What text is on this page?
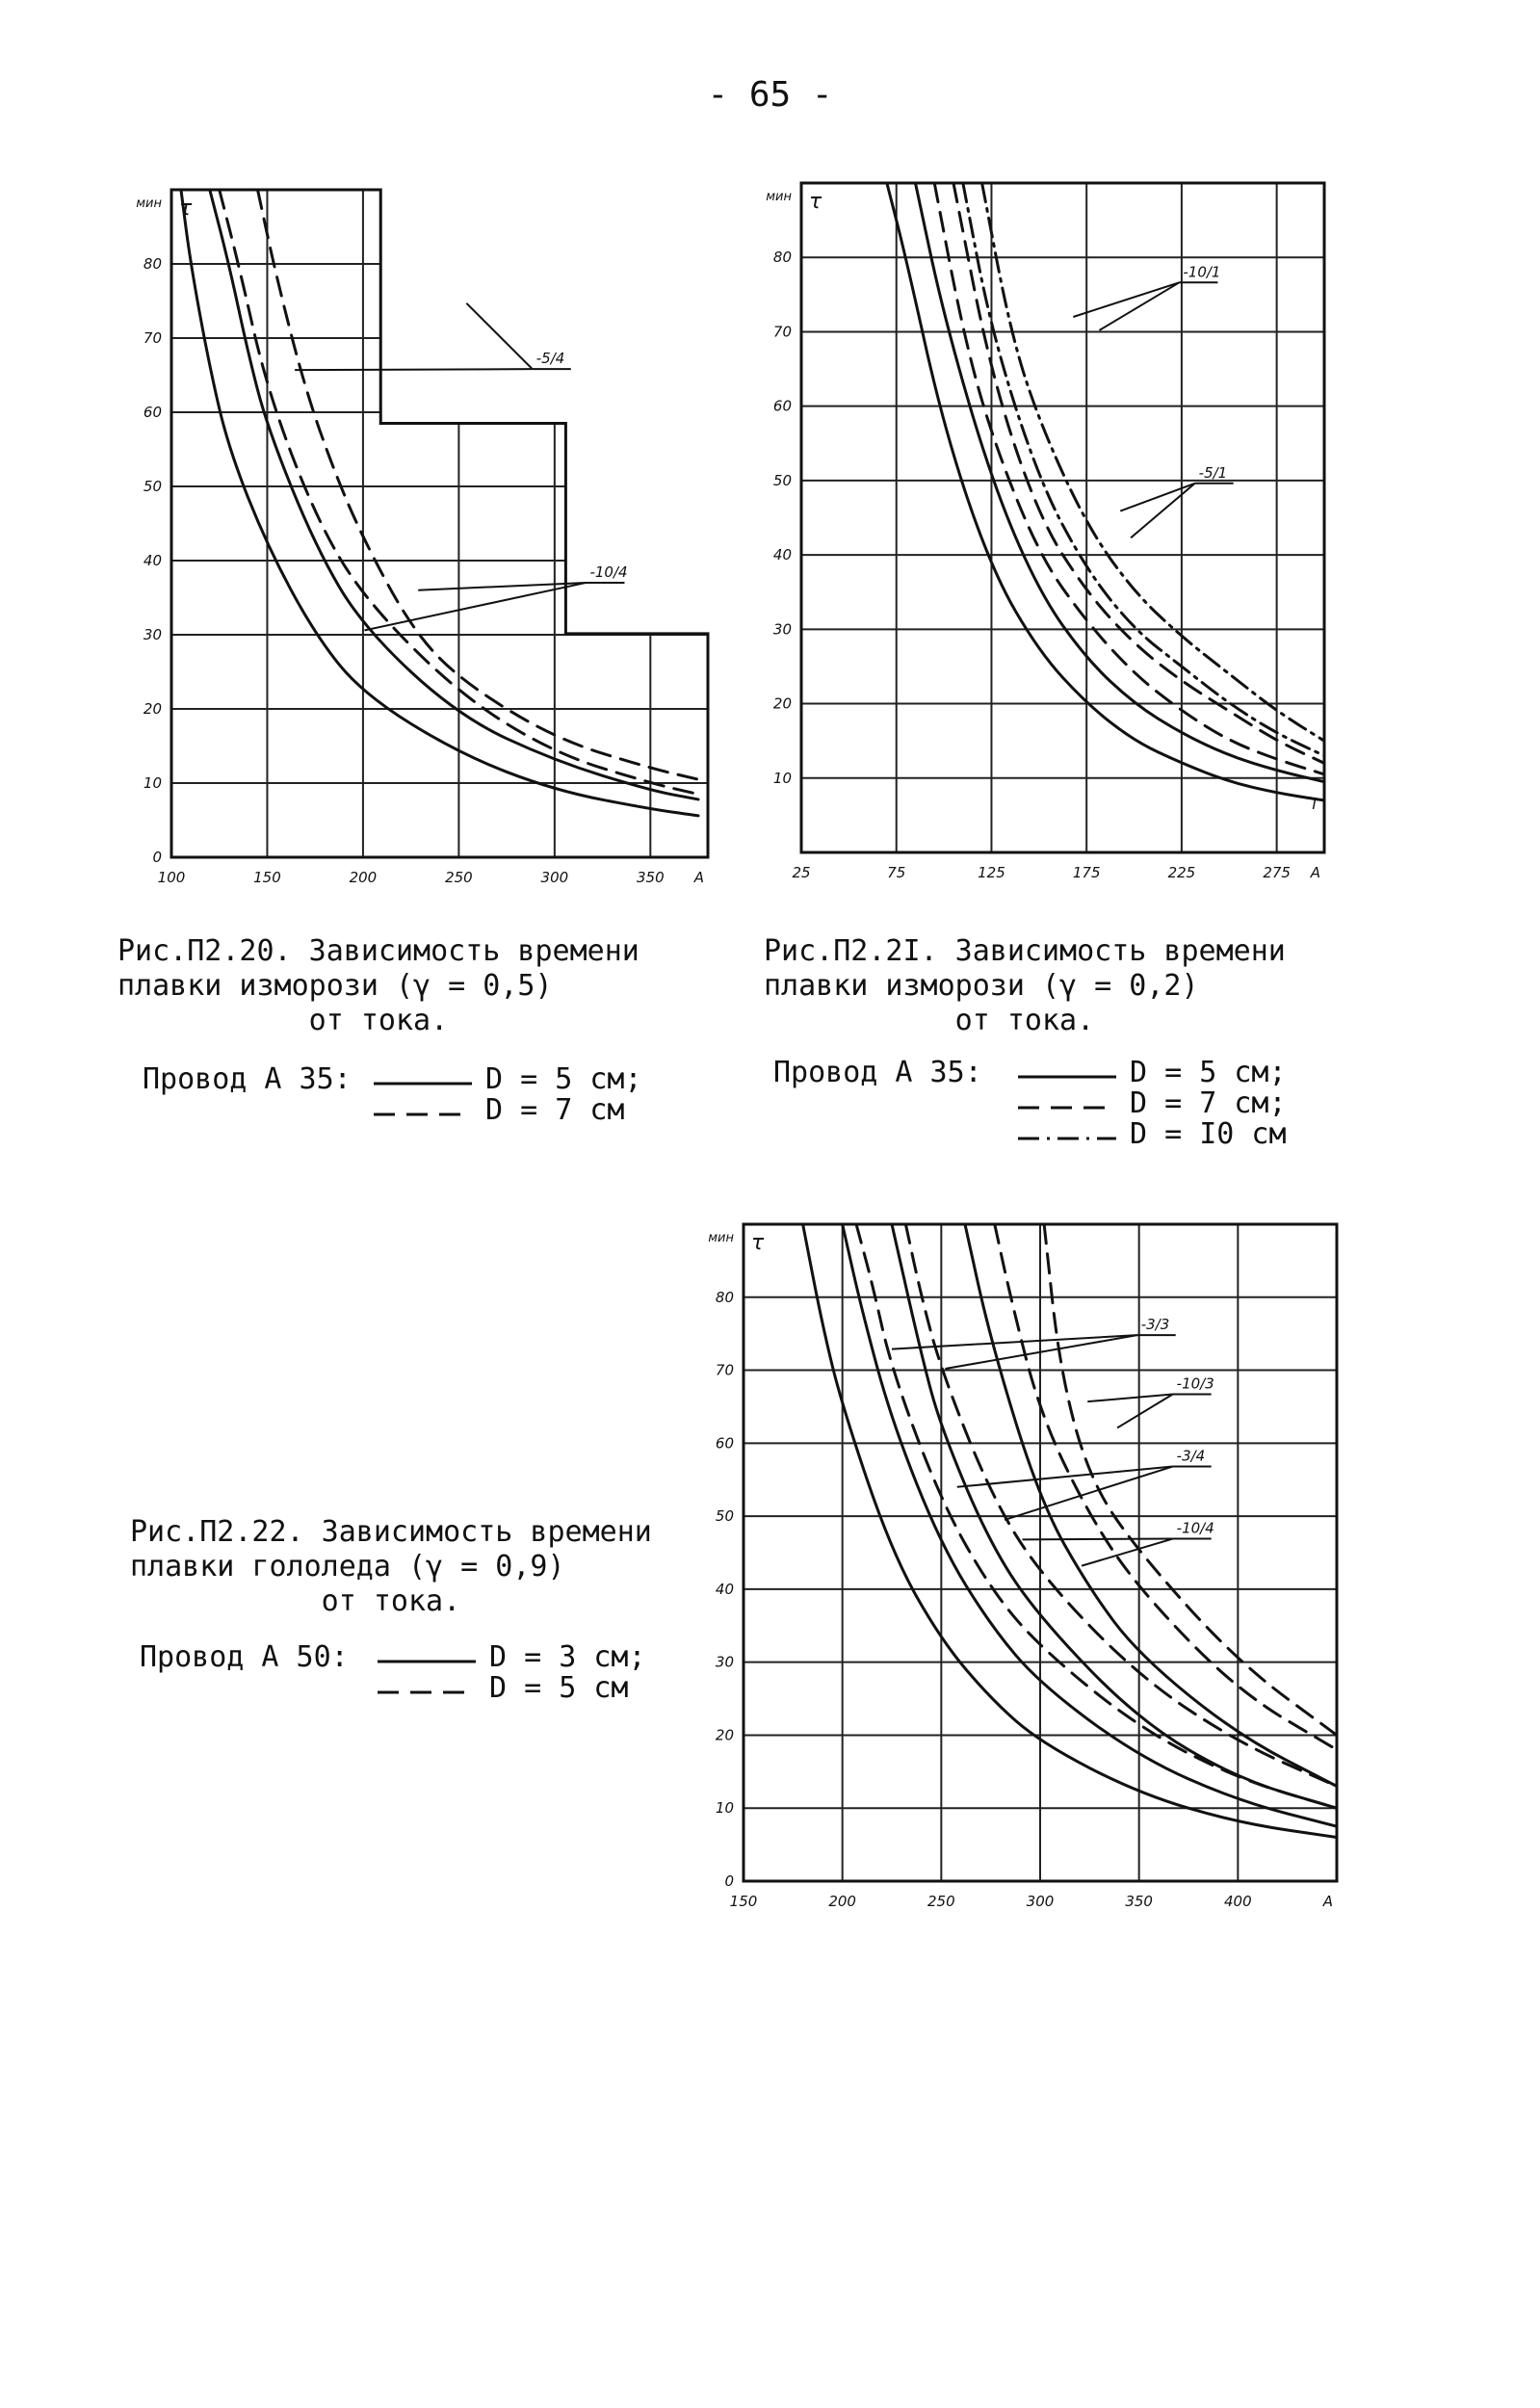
- 65 -
100	150	200	250	300	350
0
10
20
30
40
50
60
70
80
τ
мин
А
-5/4
-10/4
25	75	125	175	225	275
10
20
30
40
50
60
70
80
τ
мин
А
-10/1
-5/1
I
150	200	250	300	350	400
0
10
20
30
40
50
60
70
80
τ
мин
А
-3/3
-10/3
-3/4
-10/4
Рис.П2.20. Зависимость времени
плавки изморози (γ = 0,5)

от тока.
Провод А 35:	D = 5 см;
D = 7 см
Рис.П2.2I. Зависимость времени
плавки изморози (γ = 0,2)

от тока.
Провод А 35:	D = 5 см;
D = 7 см;
D = I0 см
Рис.П2.22. Зависимость времени
плавки гололеда (γ = 0,9)

от тока.
Провод А 50:	D = 3 см;
D = 5 см
